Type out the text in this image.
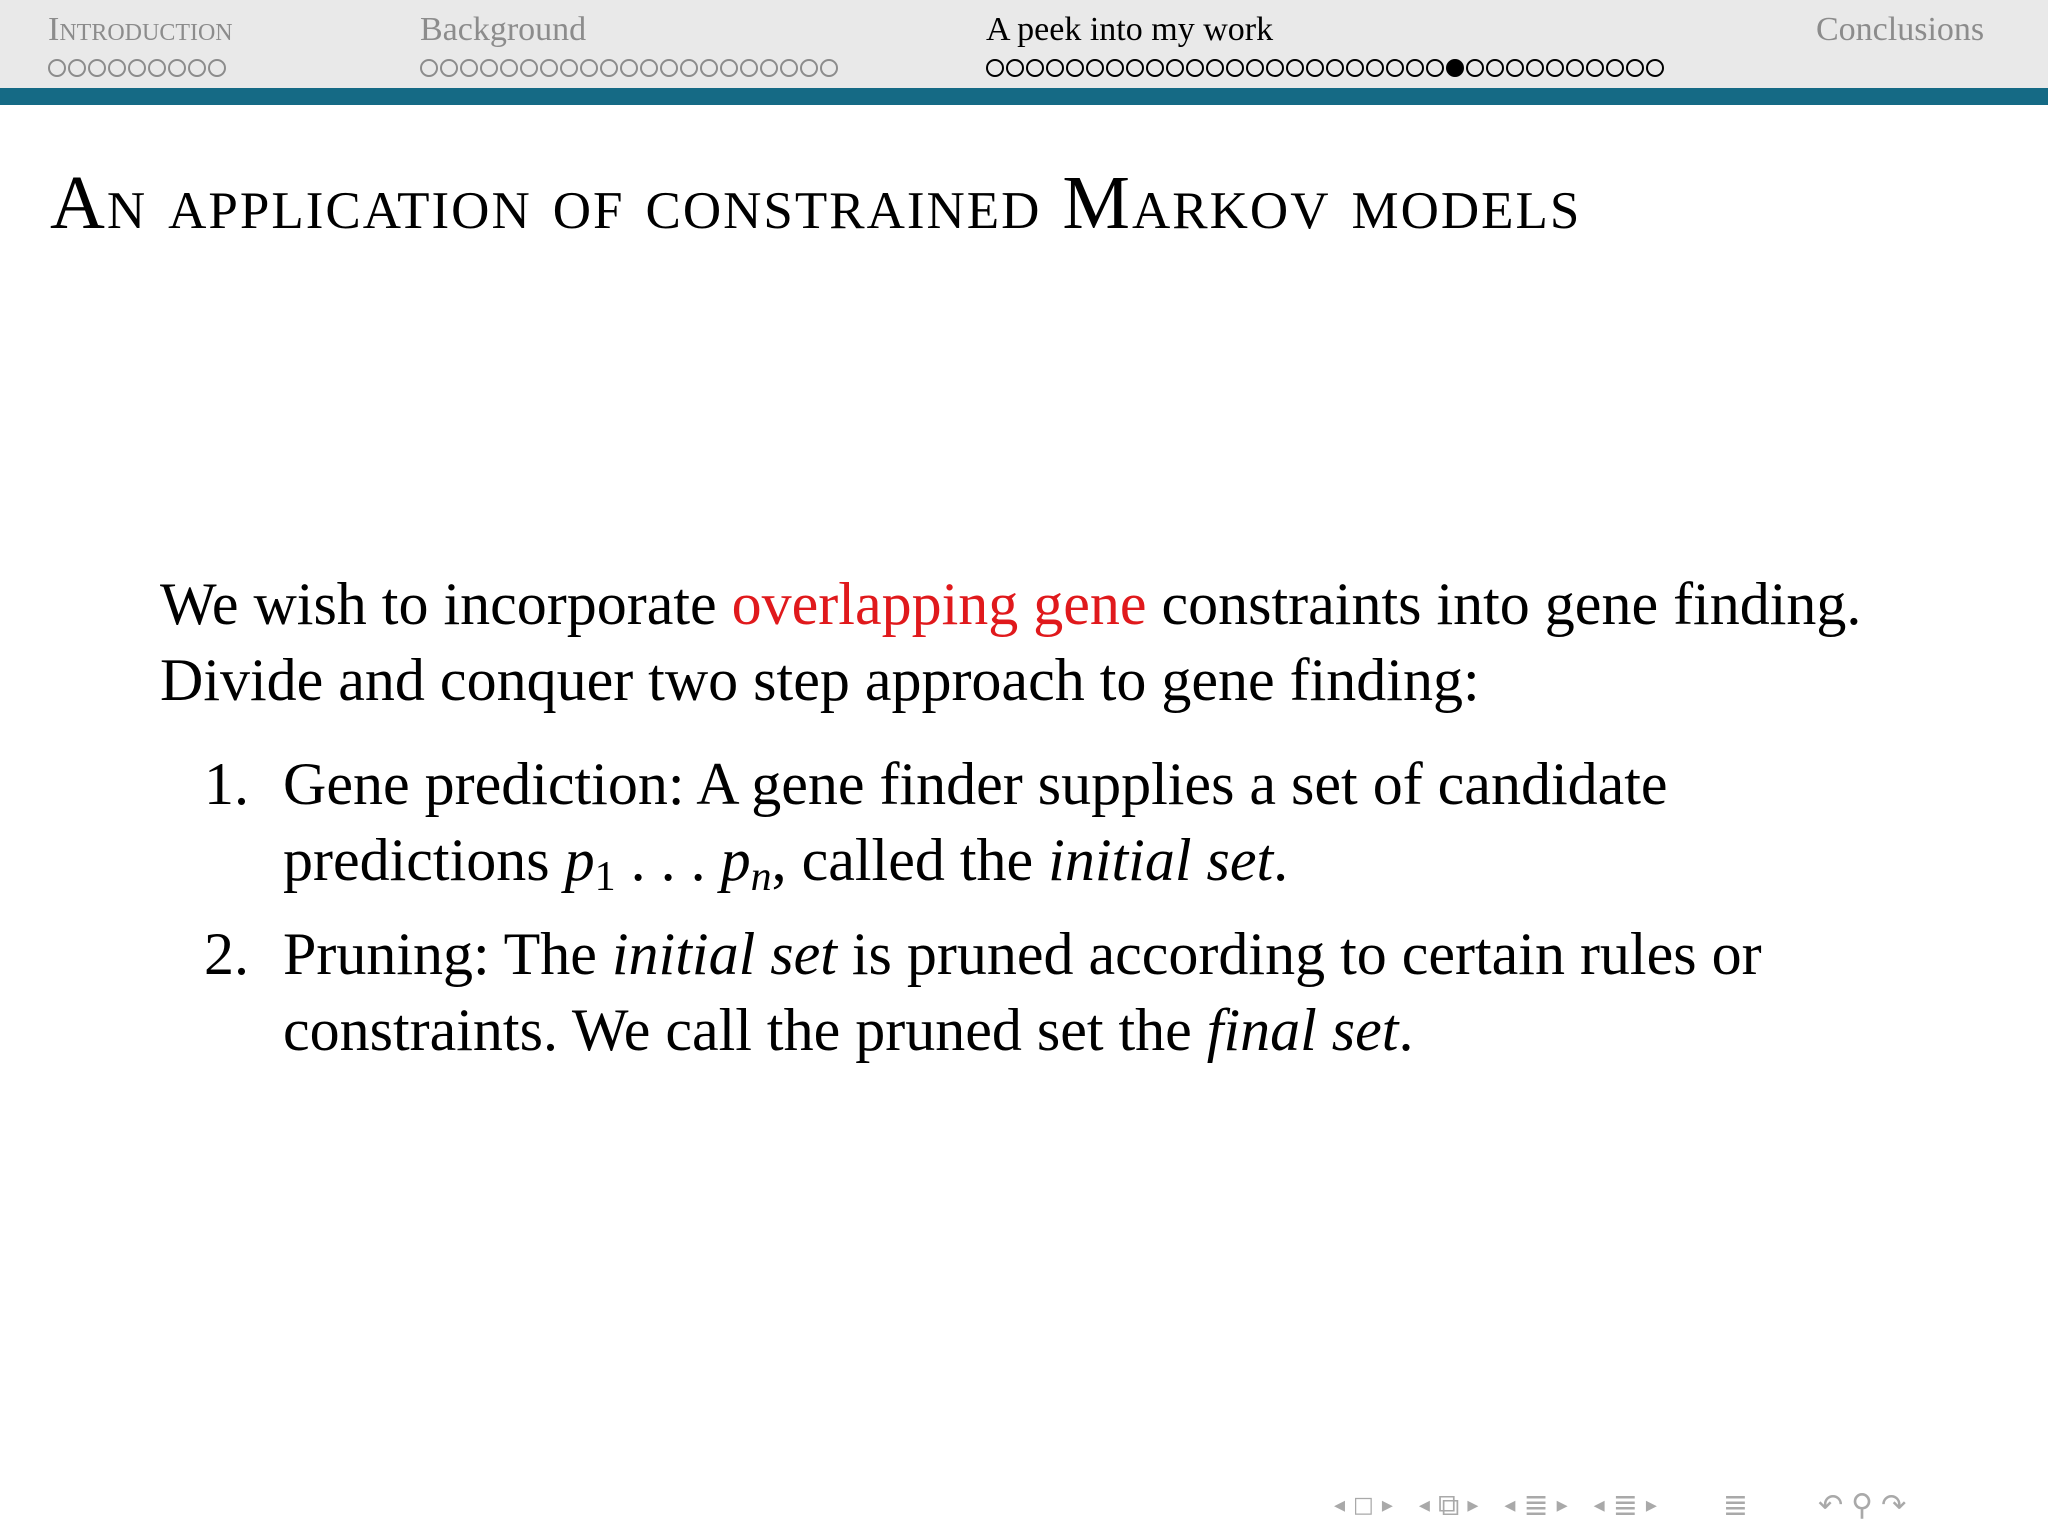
Introduction	Background	A peek into my work	Conclusions
An application of constrained Markov models

We wish to incorporate overlapping gene constraints into gene finding.

Divide and conquer two step approach to gene finding:

1. Gene prediction: A gene finder supplies a set of candidate predictions $p_1$ . . . $p_n$, called the initial set.
2. Pruning: The initial set is pruned according to certain rules or constraints. We call the pruned set the final set.
◂ □ ▸ ◂ ⧉ ▸ ◂ ≣ ▸ ◂ ≣ ▸ ≣ ↶ ⚲ ↷
